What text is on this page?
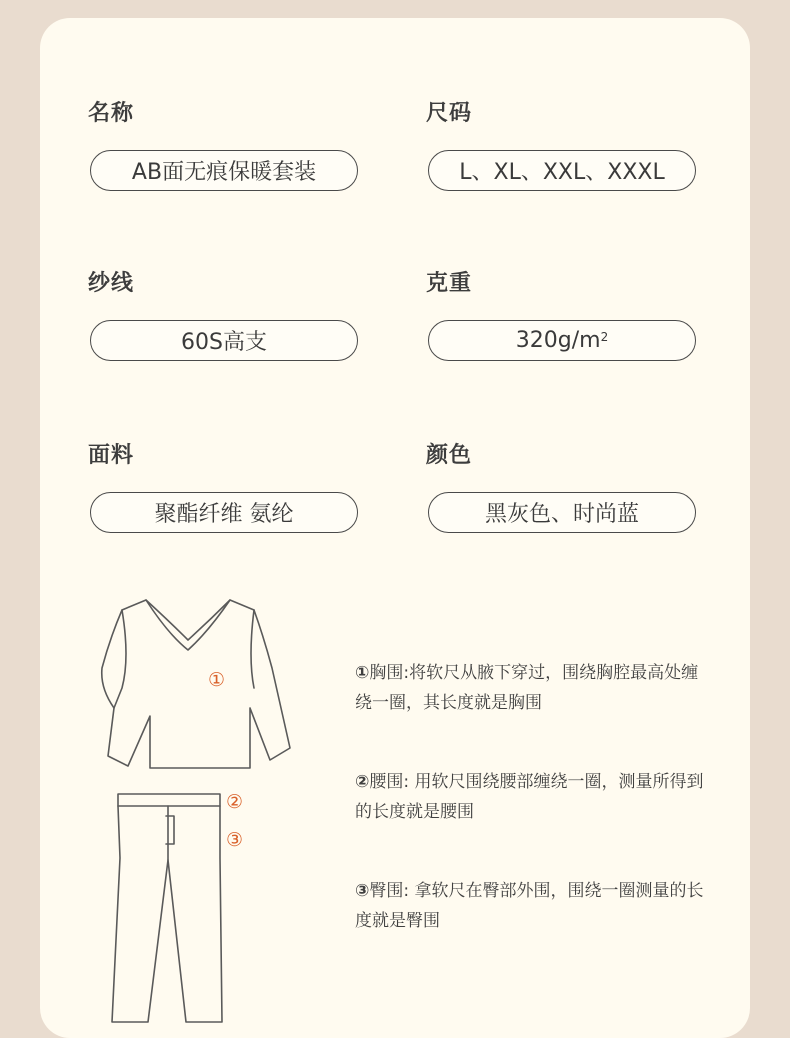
名称
AB面无痕保暖套装
尺码
L、XL、XXL、XXXL
纱线
60S高支
克重
$320g/m^2$
面料
聚酯纤维 氨纶
颜色
黑灰色、时尚蓝
①
②
③
①胸围:将软尺从腋下穿过，围绕胸腔最高处缠绕一圈，其长度就是胸围
②腰围: 用软尺围绕腰部缠绕一圈，测量所得到的长度就是腰围
③臀围: 拿软尺在臀部外围，围绕一圈测量的长度就是臀围
